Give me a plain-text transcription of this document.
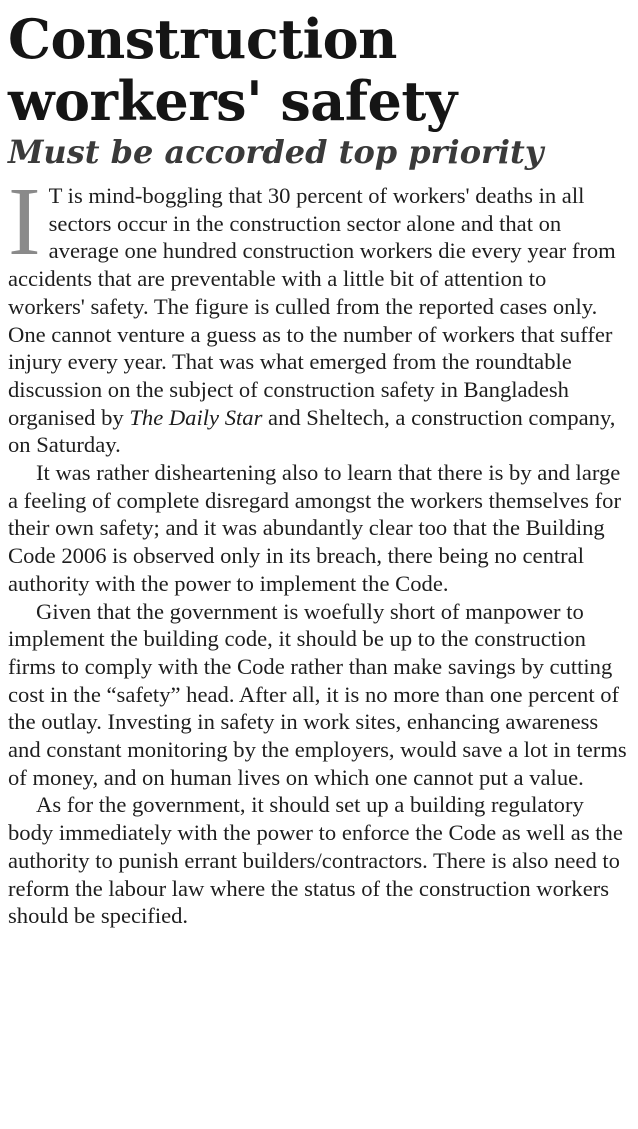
Construction workers' safety
Must be accorded top priority

I T is mind-boggling that 30 percent of workers' deaths in all sectors occur in the construction sector alone and that on average one hundred construction workers die every year from accidents that are preventable with a little bit of attention to workers' safety. The figure is culled from the reported cases only. One cannot venture a guess as to the number of workers that suffer injury every year. That was what emerged from the roundtable discussion on the subject of construction safety in Bangladesh organised by The Daily Star and Sheltech, a construction company, on Saturday.

It was rather disheartening also to learn that there is by and large a feeling of complete disregard amongst the workers themselves for their own safety; and it was abundantly clear too that the Building Code 2006 is observed only in its breach, there being no central authority with the power to implement the Code.

Given that the government is woefully short of manpower to implement the building code, it should be up to the construction firms to comply with the Code rather than make savings by cutting cost in the “safety” head. After all, it is no more than one percent of the outlay. Investing in safety in work sites, enhancing awareness and constant monitoring by the employers, would save a lot in terms of money, and on human lives on which one cannot put a value.

As for the government, it should set up a building regulatory body immediately with the power to enforce the Code as well as the authority to punish errant builders/contractors. There is also need to reform the labour law where the status of the construction workers should be specified.
